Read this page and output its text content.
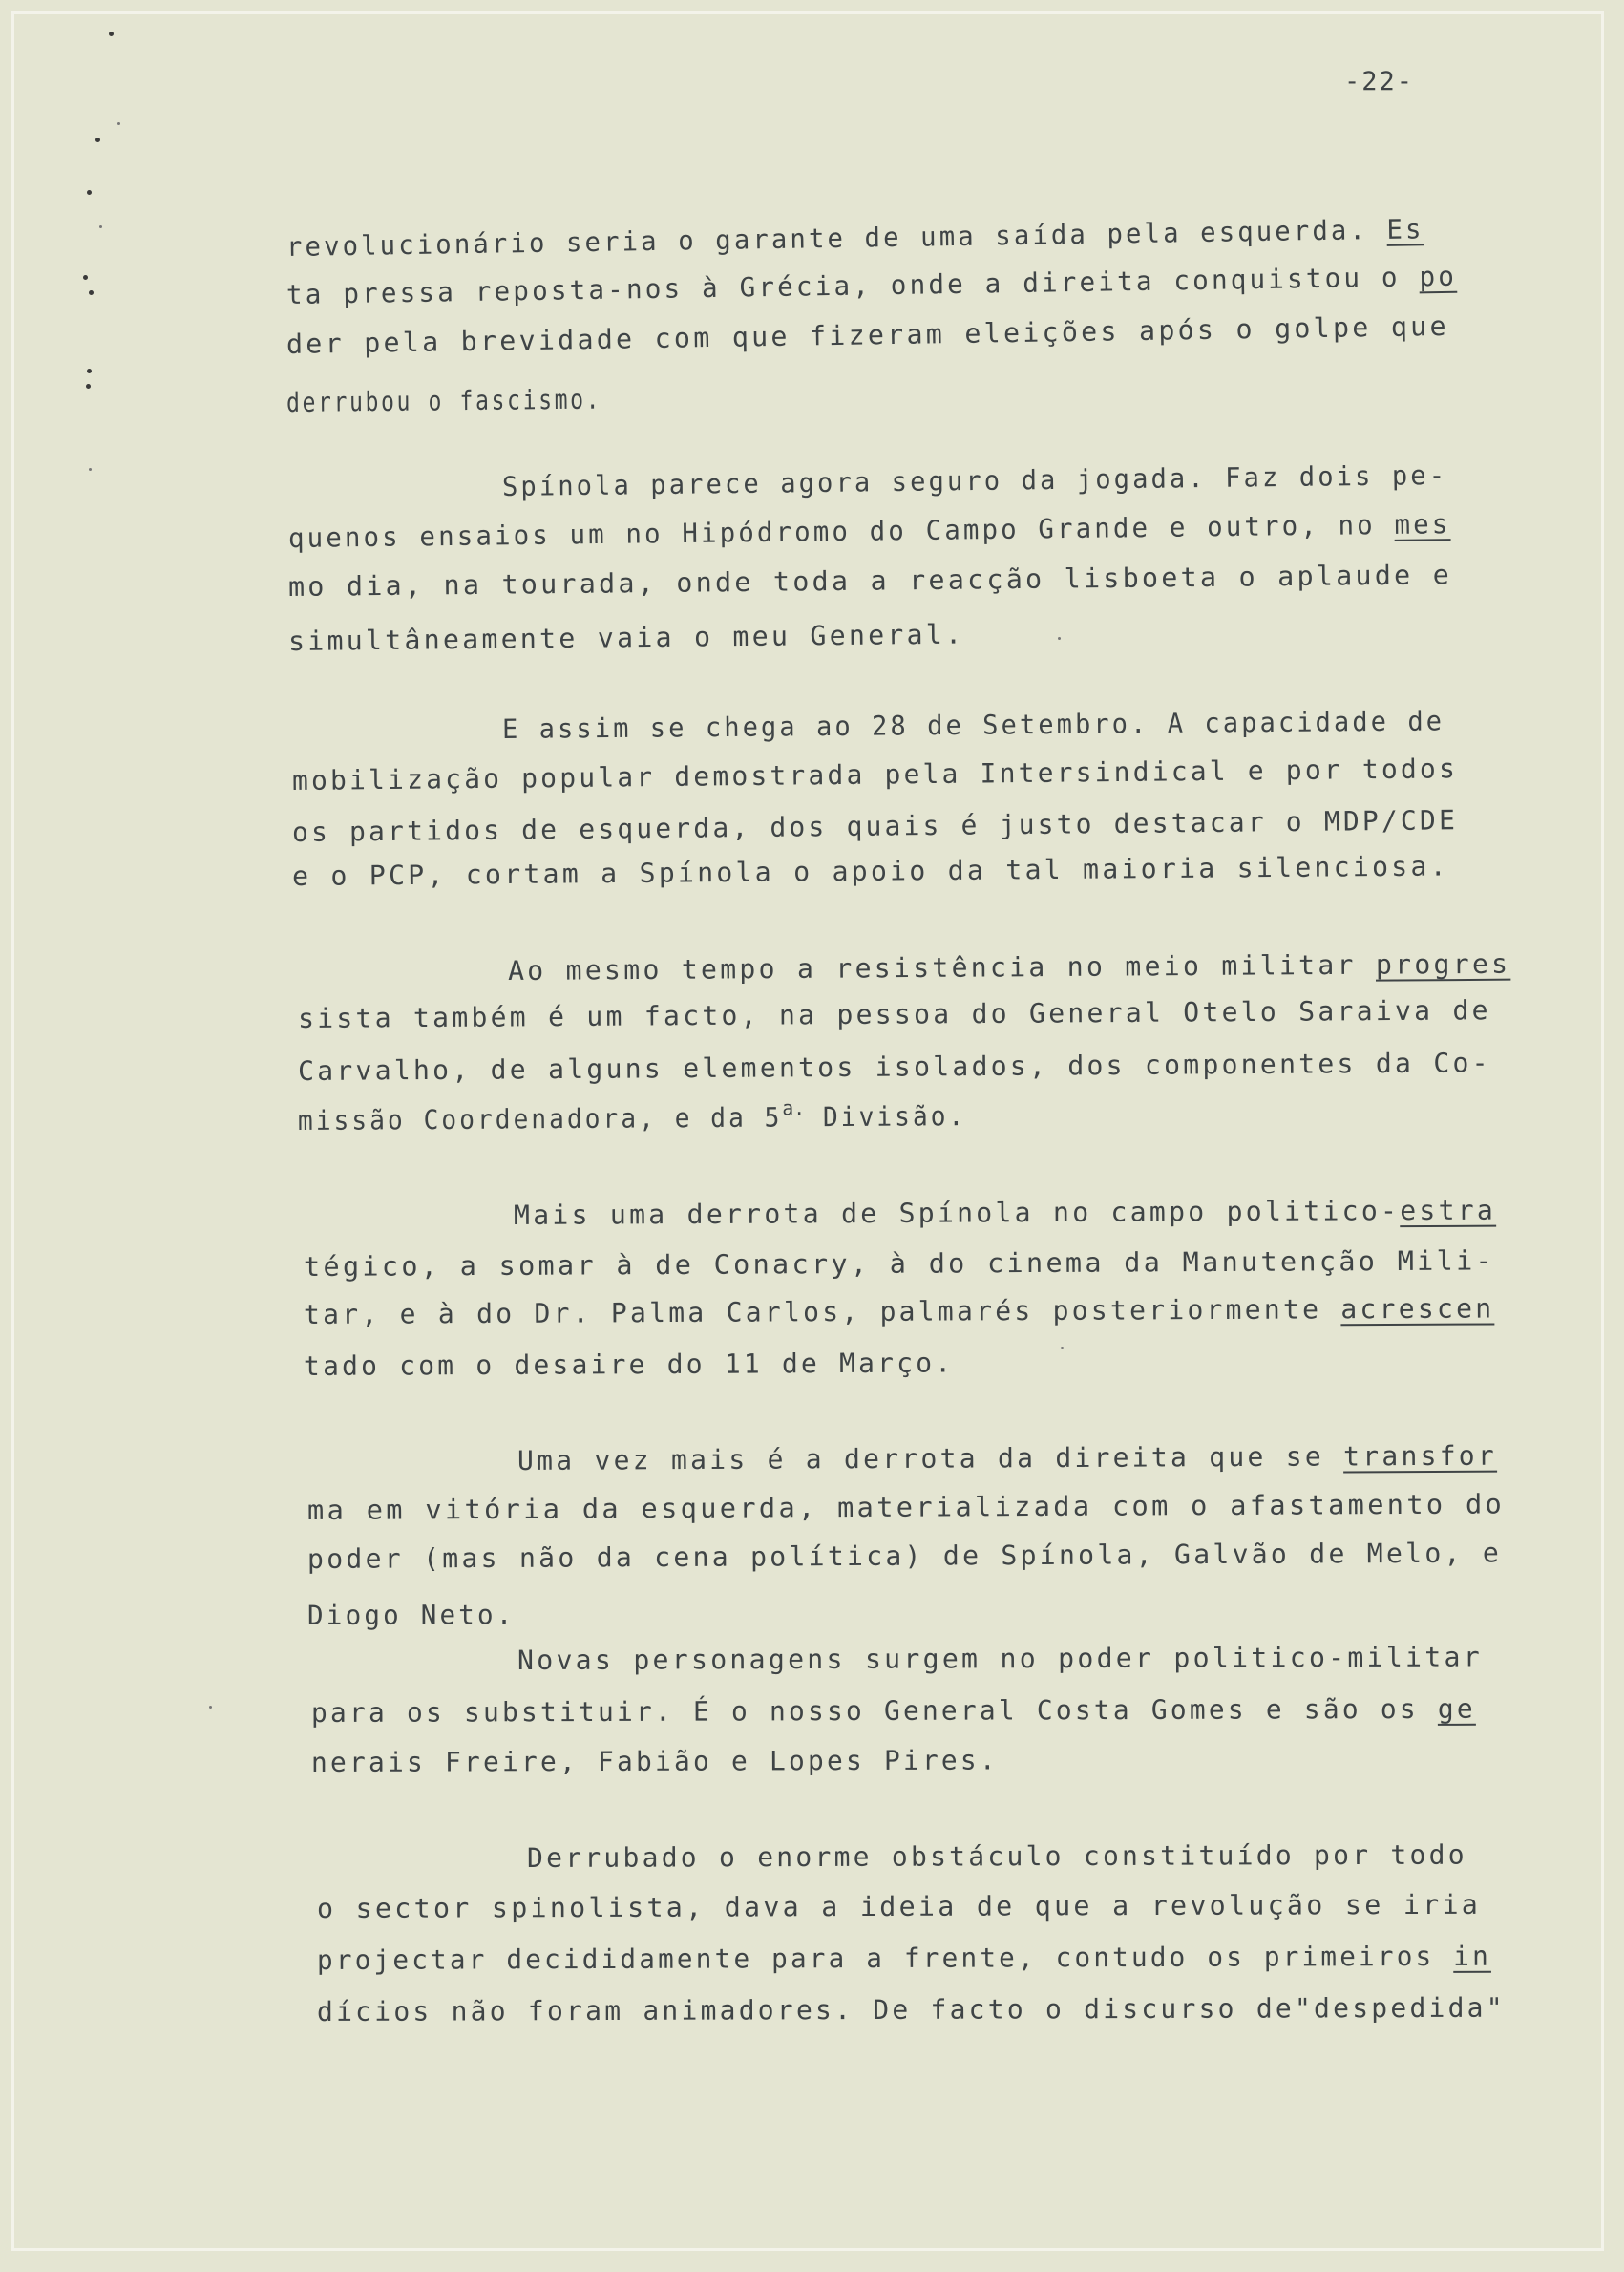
-22-
revolucionário seria o garante de uma saída pela esquerda. Es
ta pressa reposta-nos à Grécia, onde a direita conquistou o po
der pela brevidade com que fizeram eleições após o golpe que
derrubou o fascismo.
Spínola parece agora seguro da jogada. Faz dois pe-
quenos ensaios um no Hipódromo do Campo Grande e outro, no mes
mo dia, na tourada, onde toda a reacção lisboeta o aplaude e
simultâneamente vaia o meu General.
E assim se chega ao 28 de Setembro. A capacidade de
mobilização popular demostrada pela Intersindical e por todos
os partidos de esquerda, dos quais é justo destacar o MDP/CDE
e o PCP, cortam a Spínola o apoio da tal maioria silenciosa.
Ao mesmo tempo a resistência no meio militar progres
sista também é um facto, na pessoa do General Otelo Saraiva de
Carvalho, de alguns elementos isolados, dos componentes da Co-
missão Coordenadora, e da $5^{a.}$ Divisão.
Mais uma derrota de Spínola no campo politico-estra
tégico, a somar à de Conacry, à do cinema da Manutenção Mili-
tar, e à do Dr. Palma Carlos, palmarés posteriormente acrescen
tado com o desaire do 11 de Março.
Uma vez mais é a derrota da direita que se transfor
ma em vitória da esquerda, materializada com o afastamento do
poder (mas não da cena política) de Spínola, Galvão de Melo, e
Diogo Neto.
Novas personagens surgem no poder politico-militar
para os substituir. É o nosso General Costa Gomes e são os ge
nerais Freire, Fabião e Lopes Pires.
Derrubado o enorme obstáculo constituído por todo
o sector spinolista, dava a ideia de que a revolução se iria
projectar decididamente para a frente, contudo os primeiros in
dícios não foram animadores. De facto o discurso de"despedida"
